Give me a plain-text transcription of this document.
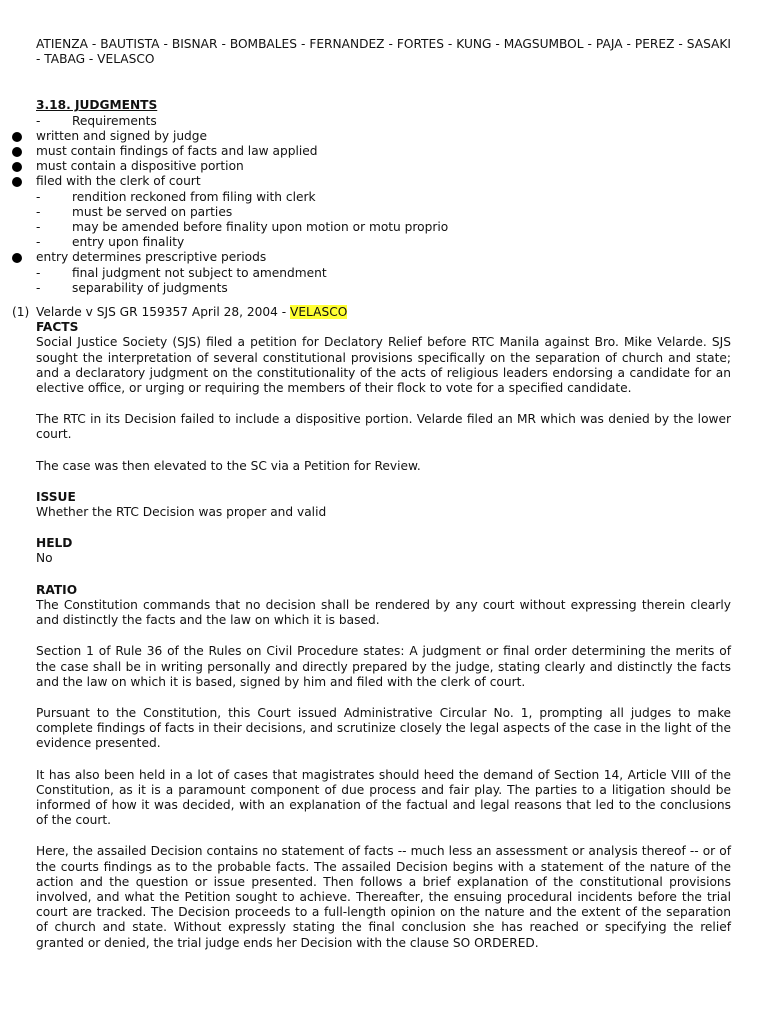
ATIENZA - BAUTISTA - BISNAR - BOMBALES - FERNANDEZ - FORTES - KUNG - MAGSUMBOL - PAJA - PEREZ - SASAKI - TABAG - VELASCO

3.18. JUDGMENTS
-	Requirements
written and signed by judge
must contain findings of facts and law applied
must contain a dispositive portion
filed with the clerk of court
-	rendition reckoned from filing with clerk
-	must be served on parties
-	may be amended before finality upon motion or motu proprio
-	entry upon finality
entry determines prescriptive periods
-	final judgment not subject to amendment
-	separability of judgments
(1) Velarde v SJS GR 159357 April 28, 2004 - VELASCO
FACTS

Social Justice Society (SJS) filed a petition for Declatory Relief before RTC Manila against Bro. Mike Velarde. SJS sought the interpretation of several constitutional provisions specifically on the separation of church and state; and a declaratory judgment on the constitutionality of the acts of religious leaders endorsing a candidate for an elective office, or urging or requiring the members of their flock to vote for a specified candidate.

The RTC in its Decision failed to include a dispositive portion. Velarde filed an MR which was denied by the lower court.

The case was then elevated to the SC via a Petition for Review.

ISSUE

Whether the RTC Decision was proper and valid

HELD

No

RATIO

The Constitution commands that no decision shall be rendered by any court without expressing therein clearly and distinctly the facts and the law on which it is based.

Section 1 of Rule 36 of the Rules on Civil Procedure states: A judgment or final order determining the merits of the case shall be in writing personally and directly prepared by the judge, stating clearly and distinctly the facts and the law on which it is based, signed by him and filed with the clerk of court.

Pursuant to the Constitution, this Court issued Administrative Circular No. 1, prompting all judges to make complete findings of facts in their decisions, and scrutinize closely the legal aspects of the case in the light of the evidence presented.

It has also been held in a lot of cases that magistrates should heed the demand of Section 14, Article VIII of the Constitution, as it is a paramount component of due process and fair play. The parties to a litigation should be informed of how it was decided, with an explanation of the factual and legal reasons that led to the conclusions of the court.

Here, the assailed Decision contains no statement of facts -- much less an assessment or analysis thereof -- or of the courts findings as to the probable facts. The assailed Decision begins with a statement of the nature of the action and the question or issue presented. Then follows a brief explanation of the constitutional provisions involved, and what the Petition sought to achieve. Thereafter, the ensuing procedural incidents before the trial court are tracked. The Decision proceeds to a full-length opinion on the nature and the extent of the separation of church and state. Without expressly stating the final conclusion she has reached or specifying the relief granted or denied, the trial judge ends her Decision with the clause SO ORDERED.
